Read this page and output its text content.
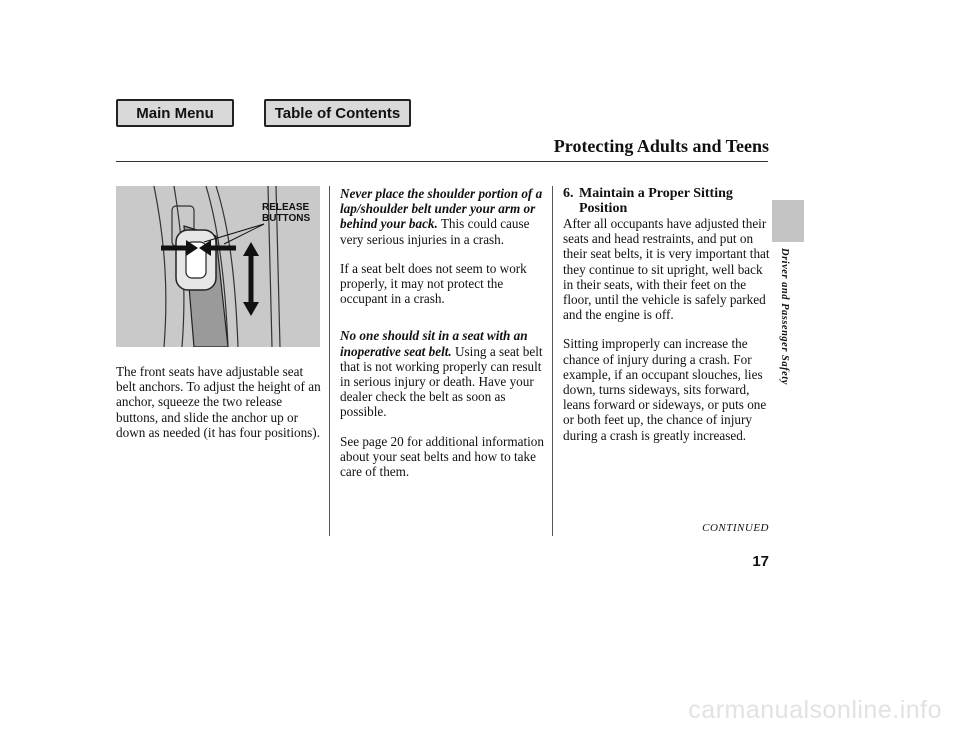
Main Menu	Table of Contents
Protecting Adults and Teens
RELEASE
BUTTONS

The front seats have adjustable seat belt anchors. To adjust the height of an anchor, squeeze the two release buttons, and slide the anchor up or down as needed (it has four positions).

Never place the shoulder portion of a lap/shoulder belt under your arm or behind your back. This could cause very serious injuries in a crash.

If a seat belt does not seem to work properly, it may not protect the occupant in a crash.

No one should sit in a seat with an inoperative seat belt. Using a seat belt that is not working properly can result in serious injury or death. Have your dealer check the belt as soon as possible.

See page 20 for additional information about your seat belts and how to take care of them.

6. Maintain a Proper Sitting
Position

After all occupants have adjusted their seats and head restraints, and put on their seat belts, it is very important that they continue to sit upright, well back in their seats, with their feet on the floor, until the vehicle is safely parked and the engine is off.

Sitting improperly can increase the chance of injury during a crash. For example, if an occupant slouches, lies down, turns sideways, sits forward, leans forward or sideways, or puts one or both feet up, the chance of injury during a crash is greatly increased.

CONTINUED
17
Driver and Passenger Safety
carmanualsonline.info
